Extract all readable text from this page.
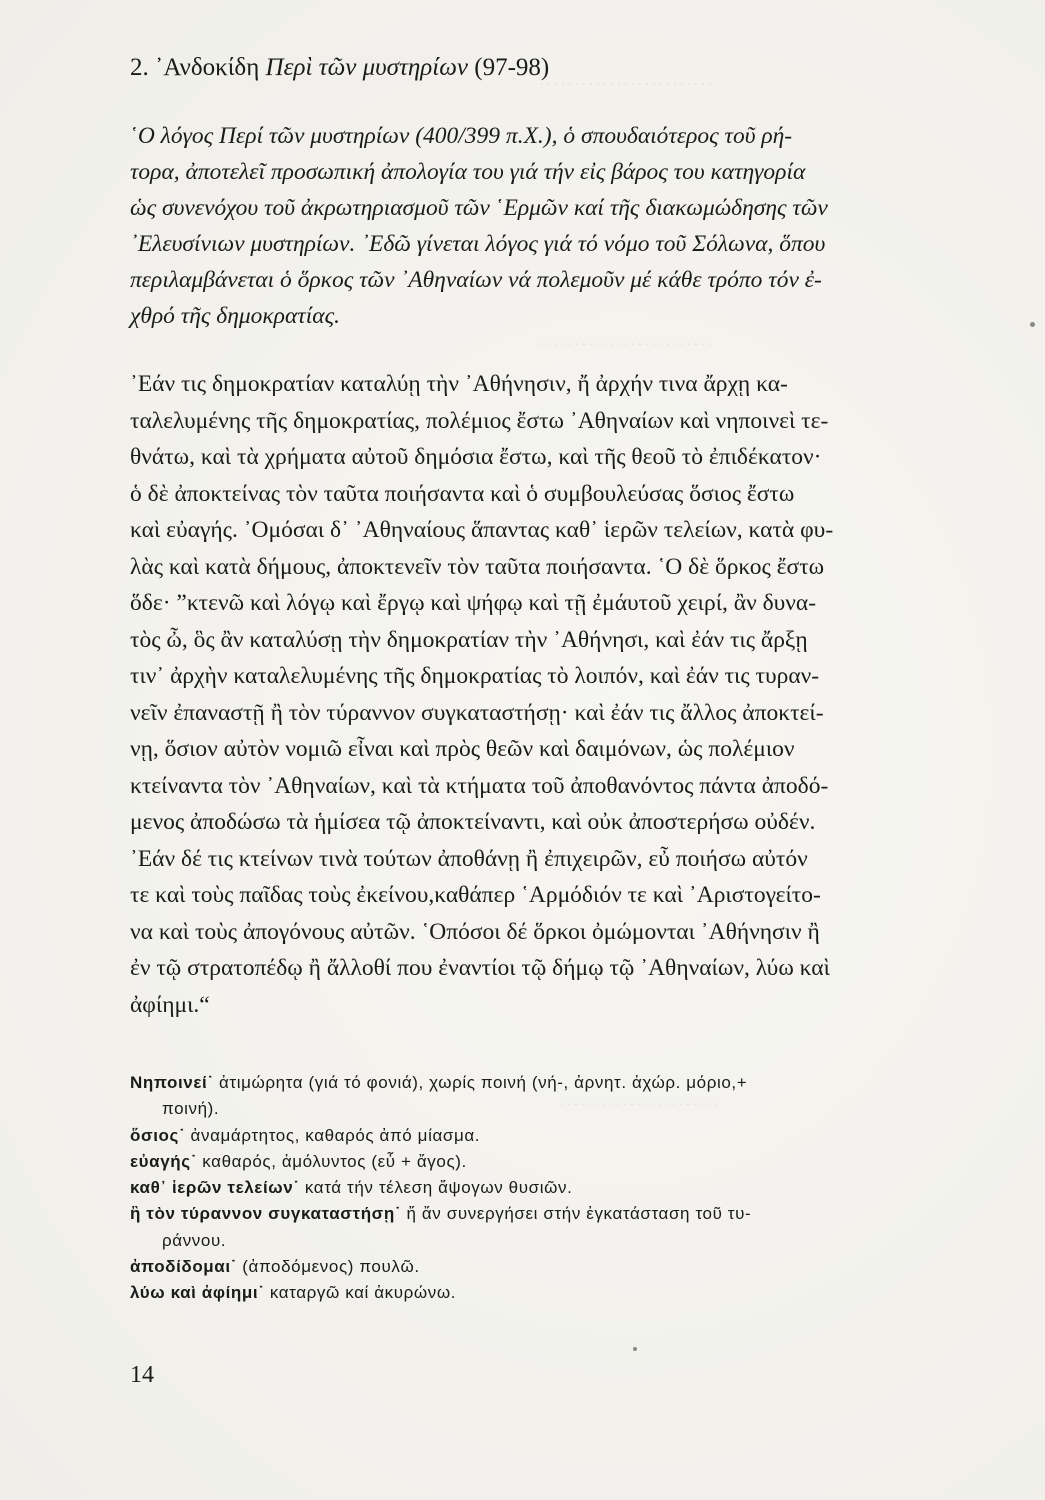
. . . . . . . . . . . . . . . . . . . . . . . . .
. . . . . . . . . . . . . . . . . . . . . . . . .
. . . . . . . . . . . . . . . . . . . . . . .
2. ᾿Ανδοκίδη Περὶ τῶν μυστηρίων (97-98)

῾Ο λόγος Περί τῶν μυστηρίων (400/399 π.Χ.), ὁ σπουδαιότερος τοῦ ρή-

τορα, ἀποτελεῖ προσωπική ἀπολογία του γιά τήν εἰς βάρος του κατηγορία

ὡς συνενόχου τοῦ ἀκρωτηριασμοῦ τῶν ῾Ερμῶν καί τῆς διακωμώδησης τῶν

᾿Ελευσίνιων μυστηρίων. ᾿Εδῶ γίνεται λόγος γιά τό νόμο τοῦ Σόλωνα, ὅπου

περιλαμβάνεται ὁ ὅρκος τῶν ᾿Αθηναίων νά πολεμοῦν μέ κάθε τρόπο τόν ἐ-

χθρό τῆς δημοκρατίας.

᾿Εάν τις δημοκρατίαν καταλύῃ τὴν ᾿Αθήνησιν, ἤ ἀρχήν τινα ἄρχῃ κα-

ταλελυμένης τῆς δημοκρατίας, πολέμιος ἔστω ᾿Αθηναίων καὶ νηποινεὶ τε-

θνάτω, καὶ τὰ χρήματα αὐτοῦ δημόσια ἔστω, καὶ τῆς θεοῦ τὸ ἐπιδέκατον·

ὁ δὲ ἀποκτείνας τὸν ταῦτα ποιήσαντα καὶ ὁ συμβουλεύσας ὅσιος ἔστω

καὶ εὐαγής. ᾿Ομόσαι δ᾿ ᾿Αθηναίους ἅπαντας καθ᾿ ἱερῶν τελείων, κατὰ φυ-

λὰς καὶ κατὰ δήμους, ἀποκτενεῖν τὸν ταῦτα ποιήσαντα. ῾Ο δὲ ὅρκος ἔστω

ὅδε· ”κτενῶ καὶ λόγῳ καὶ ἔργῳ καὶ ψήφῳ καὶ τῇ ἐμάυτοῦ χειρί, ἂν δυνα-

τὸς ὦ, ὃς ἂν καταλύσῃ τὴν δημοκρατίαν τὴν ᾿Αθήνησι, καὶ ἐάν τις ἄρξῃ

τιν᾿ ἀρχὴν καταλελυμένης τῆς δημοκρατίας τὸ λοιπόν, καὶ ἐάν τις τυραν-

νεῖν ἐπαναστῇ ἢ τὸν τύραννον συγκαταστήσῃ· καὶ ἐάν τις ἄλλος ἀποκτεί-

νῃ, ὅσιον αὐτὸν νομιῶ εἶναι καὶ πρὸς θεῶν καὶ δαιμόνων, ὡς πολέμιον

κτείναντα τὸν ᾿Αθηναίων, καὶ τὰ κτήματα τοῦ ἀποθανόντος πάντα ἀποδό-

μενος ἀποδώσω τὰ ἡμίσεα τῷ ἀποκτείναντι, καὶ οὐκ ἀποστερήσω οὐδέν.

᾿Εάν δέ τις κτείνων τινὰ τούτων ἀποθάνῃ ἢ ἐπιχειρῶν, εὖ ποιήσω αὐτόν

τε καὶ τοὺς παῖδας τοὺς ἐκείνου,καθάπερ ῾Αρμόδιόν τε καὶ ᾿Αριστογείτο-

να καὶ τοὺς ἀπογόνους αὐτῶν. ῾Οπόσοι δέ ὅρκοι ὀμώμονται ᾿Αθήνησιν ἢ

ἐν τῷ στρατοπέδῳ ἢ ἄλλοθί που ἐναντίοι τῷ δήμῳ τῷ ᾿Αθηναίων, λύω καὶ

ἀφίημι.“

Νηποινεί˙ ἀτιμώρητα (γιά τό φονιά), χωρίς ποινή (νή-, ἀρνητ. ἀχώρ. μόριο,+

ποινή).

ὅσιος˙ ἀναμάρτητος, καθαρός ἀπό μίασμα.

εὐαγής˙ καθαρός, ἀμόλυντος (εὖ + ἄγος).

καθ᾿ ἱερῶν τελείων˙ κατά τήν τέλεση ἄψογων θυσιῶν.

ἢ τὸν τύραννον συγκαταστήσῃ˙ ἤ ἄν συνεργήσει στήν ἐγκατάσταση τοῦ τυ-

ράννου.

ἀποδίδομαι˙ (ἀποδόμενος) πουλῶ.

λύω καὶ ἀφίημι˙ καταργῶ καί ἀκυρώνω.

14
